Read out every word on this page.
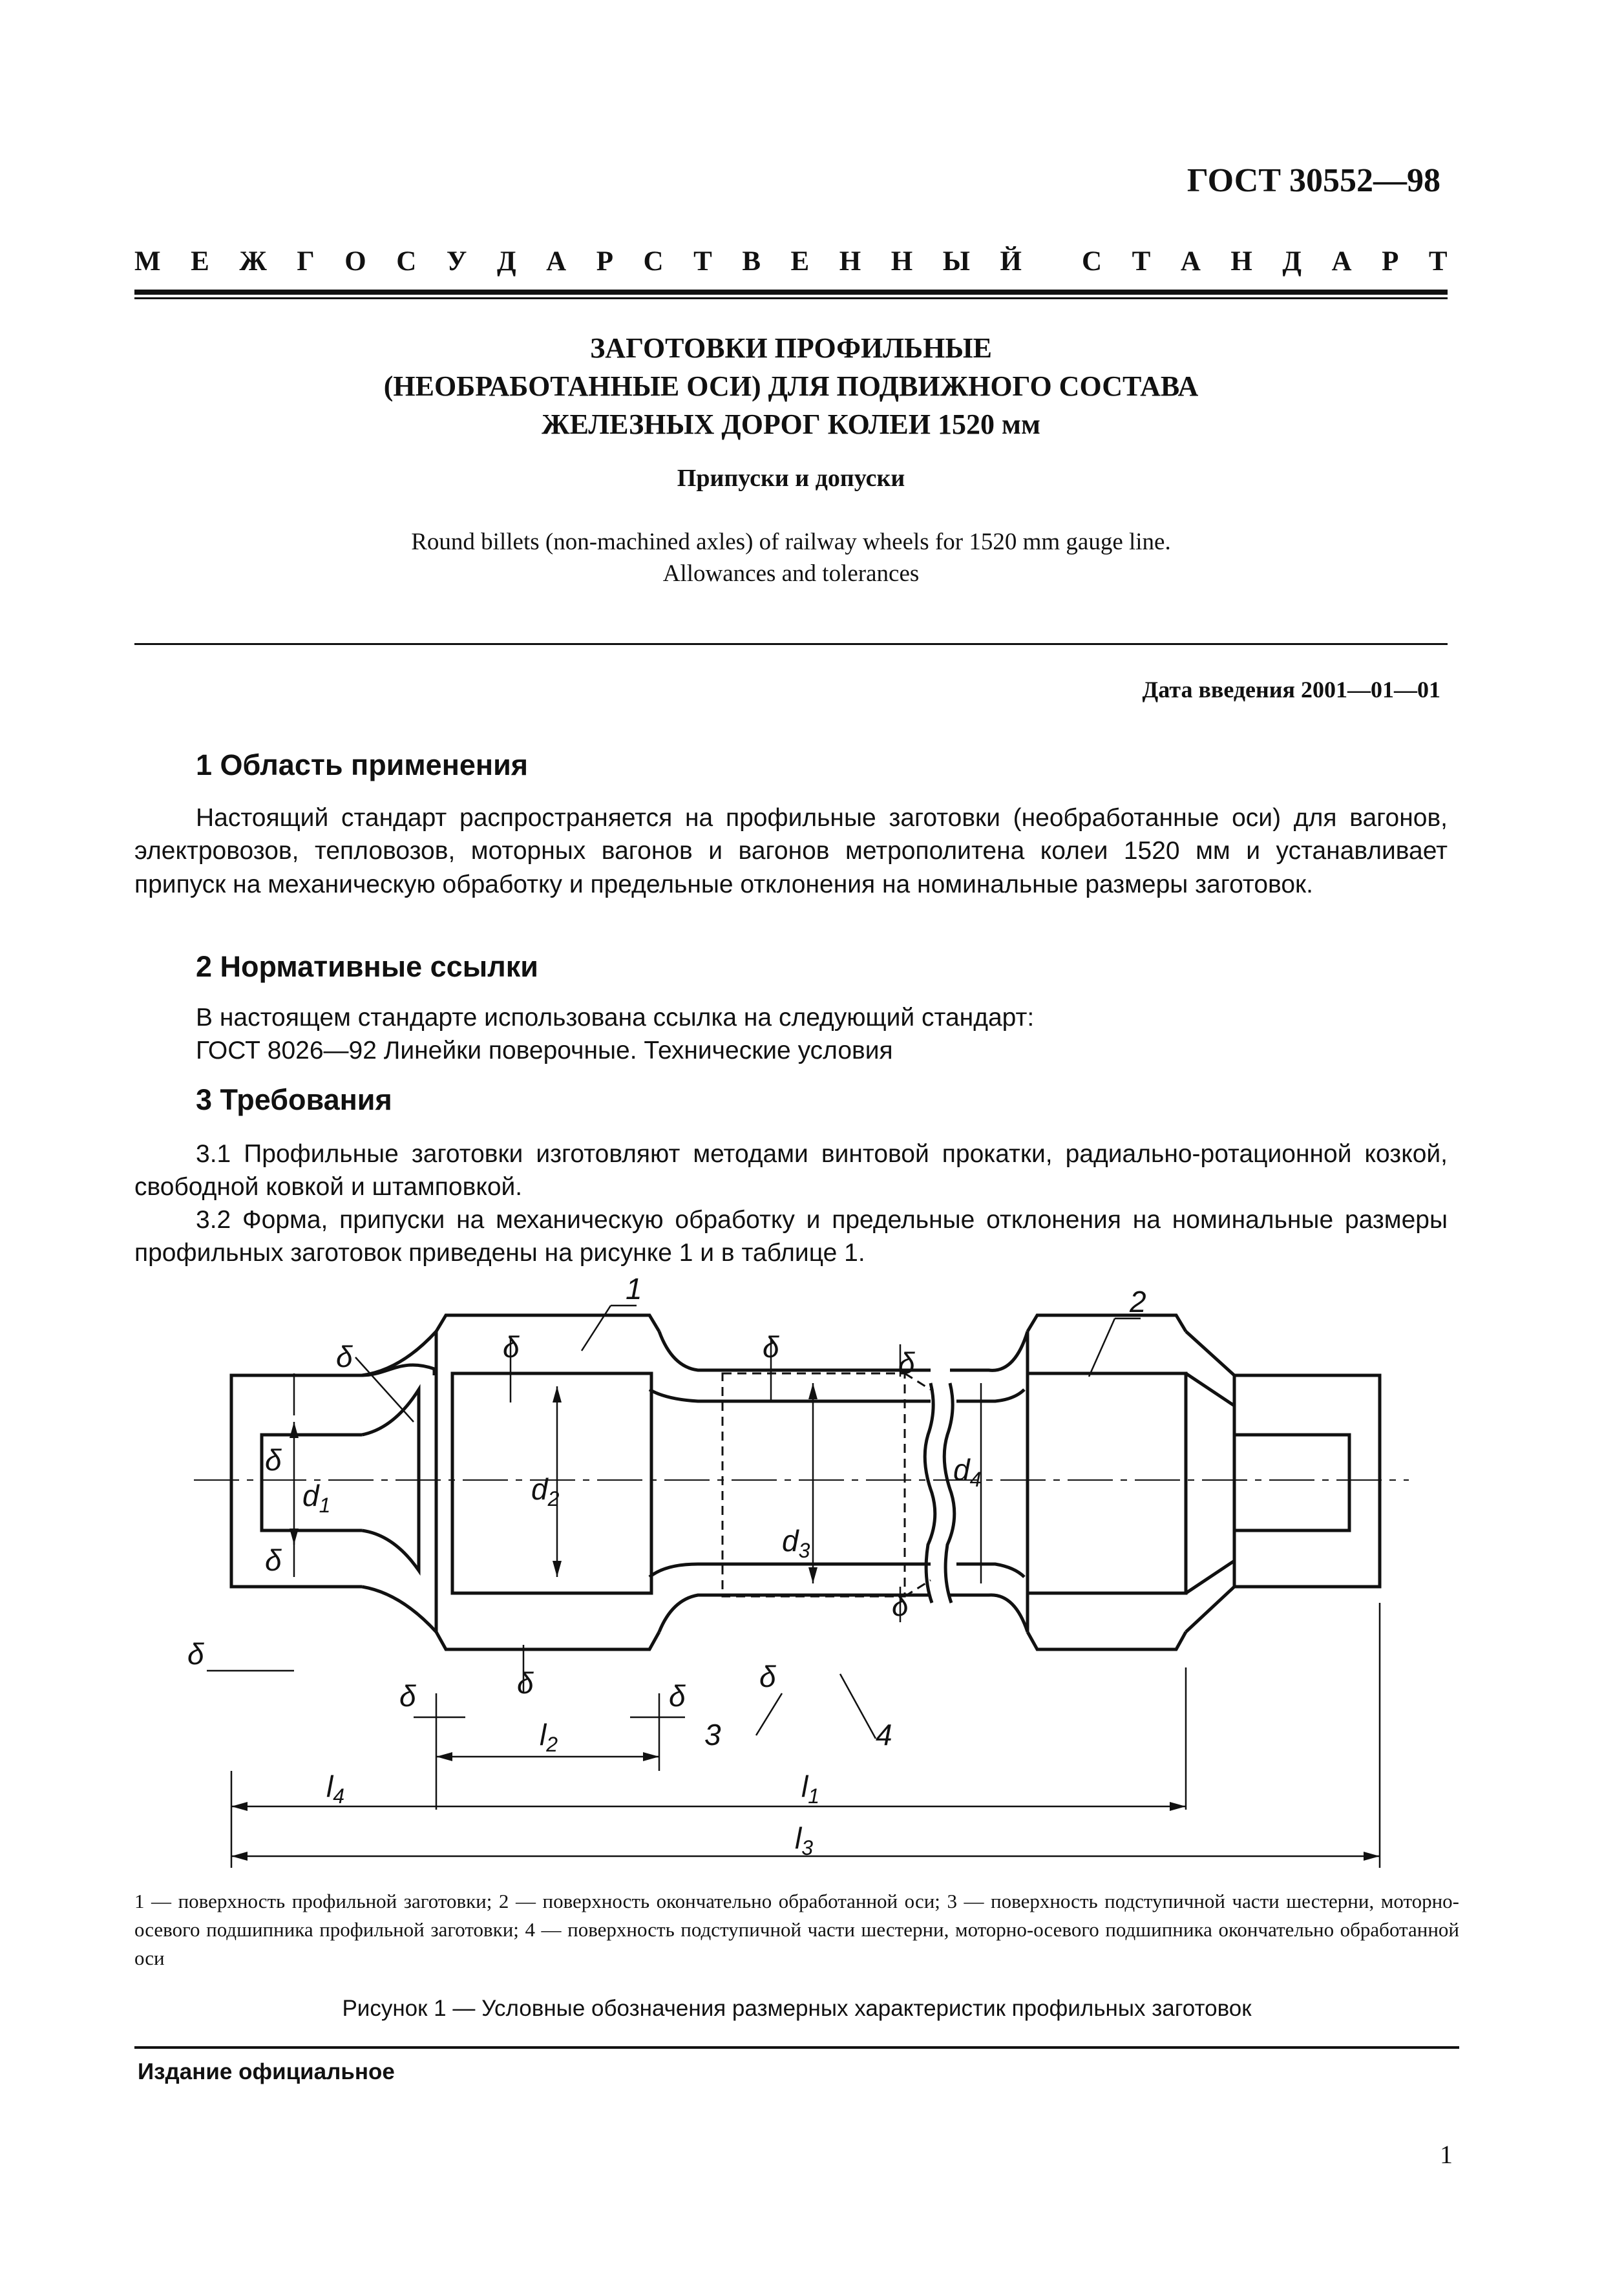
ГОСТ 30552—98
М Е Ж Г О С У Д А Р С Т В Е Н Н Ы Й С Т А Н Д А Р Т
ЗАГОТОВКИ ПРОФИЛЬНЫЕ
(НЕОБРАБОТАННЫЕ ОСИ) ДЛЯ ПОДВИЖНОГО СОСТАВА
ЖЕЛЕЗНЫХ ДОРОГ КОЛЕИ 1520 мм
Припуски и допуски
Round billets (non-machined axles) of railway wheels for 1520 mm gauge line.
Allowances and tolerances
Дата введения 2001—01—01
1 Область применения
Настоящий стандарт распространяется на профильные заготовки (необработанные оси) для вагонов, электровозов, тепловозов, моторных вагонов и вагонов метрополитена колеи 1520 мм и устанавливает припуск на механическую обработку и предельные отклонения на номинальные размеры заготовок.
2 Нормативные ссылки
В настоящем стандарте использована ссылка на следующий стандарт:
ГОСТ 8026—92 Линейки поверочные. Технические условия
3 Требования
3.1 Профильные заготовки изготовляют методами винтовой прокатки, радиально-ротационной козкой, свободной ковкой и штамповкой.
3.2 Форма, припуски на механическую обработку и предельные отклонения на номинальные размеры профильных заготовок приведены на рисунке 1 и в таблице 1.
1	2
3	4
δ
δ
δ	δ
δ
δ	δ
δ
δ
δ
δ
δ
$d_1$	$d_2$
$d_3$
$d_4$
$l_2$
$l_4$	$l_1$
$l_3$
1 — поверхность профильной заготовки; 2 — поверхность окончательно обработанной оси; 3 — поверхность подступичной части шестерни, моторно-осевого подшипника профильной заготовки; 4 — поверхность подступичной части шестерни, моторно-осевого подшипника окончательно обработанной оси
Рисунок 1 — Условные обозначения размерных характеристик профильных заготовок
Издание официальное
1
